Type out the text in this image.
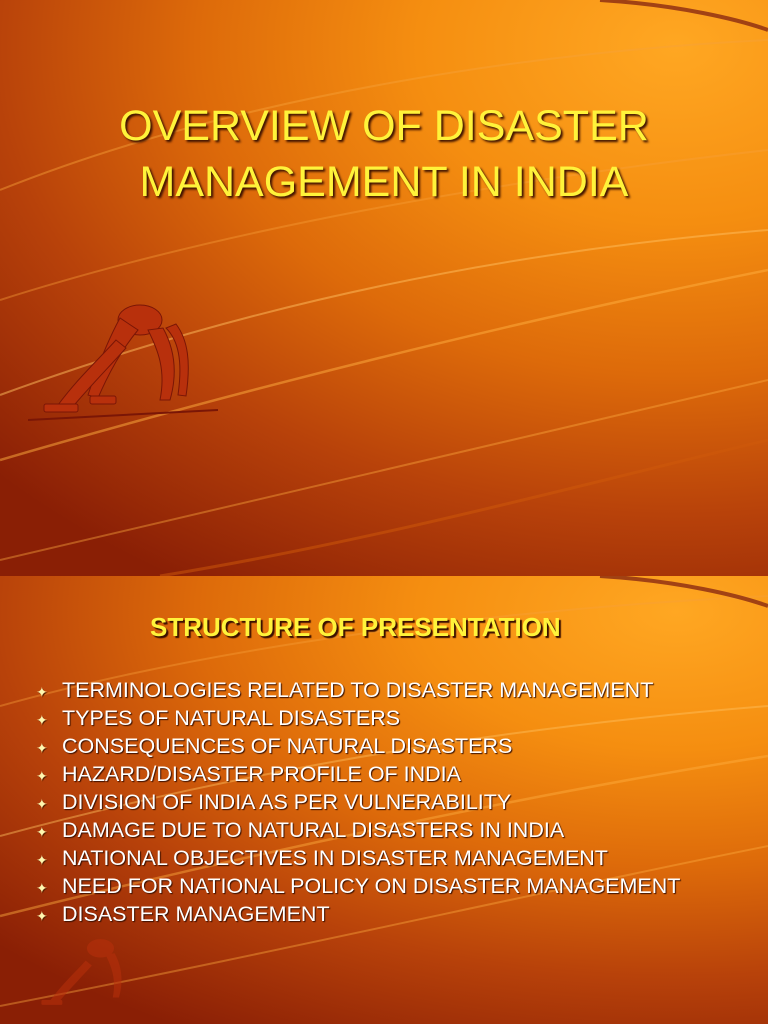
OVERVIEW OF DISASTER
MANAGEMENT IN INDIA
STRUCTURE OF PRESENTATION
✦ TERMINOLOGIES RELATED TO DISASTER MANAGEMENT
✦ TYPES OF NATURAL DISASTERS
✦ CONSEQUENCES OF NATURAL DISASTERS
✦ HAZARD/DISASTER PROFILE OF INDIA
✦ DIVISION OF INDIA AS PER VULNERABILITY
✦ DAMAGE DUE TO NATURAL DISASTERS IN INDIA
✦ NATIONAL OBJECTIVES IN DISASTER MANAGEMENT
✦ NEED FOR NATIONAL POLICY ON DISASTER MANAGEMENT
✦ DISASTER MANAGEMENT
